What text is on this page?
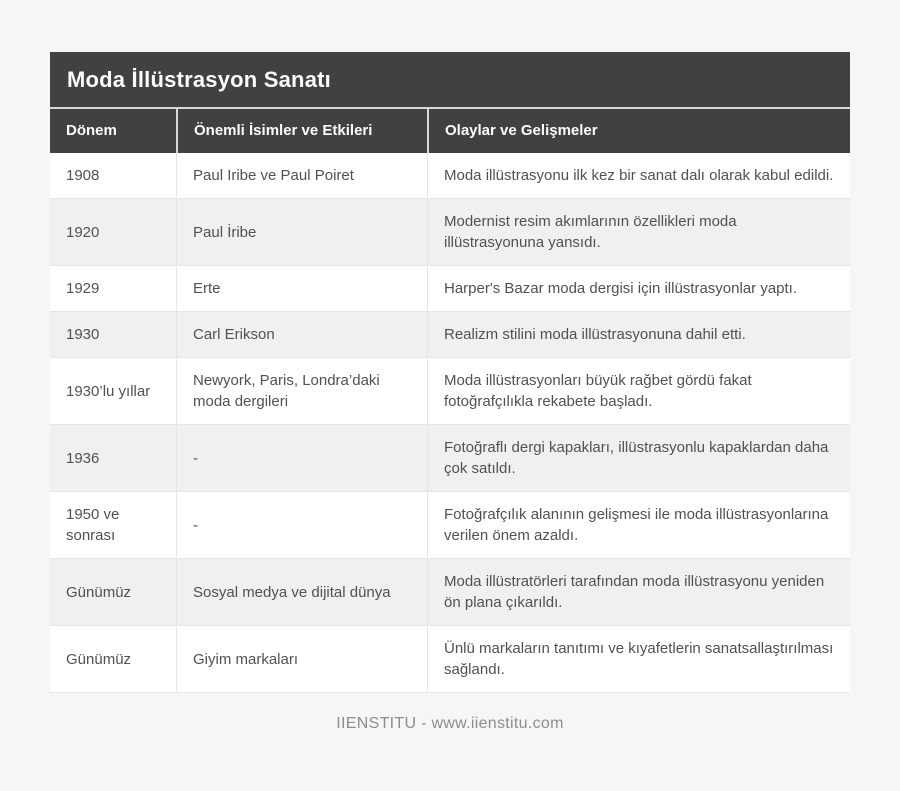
Moda İllüstrasyon Sanatı
Dönem	Önemli İsimler ve Etkileri	Olaylar ve Gelişmeler
1908	Paul Iribe ve Paul Poiret	Moda illüstrasyonu ilk kez bir sanat dalı olarak kabul edildi.
1920	Paul İribe	Modernist resim akımlarının özellikleri moda illüstrasyonuna yansıdı.
1929	Erte	Harper's Bazar moda dergisi için illüstrasyonlar yaptı.
1930	Carl Erikson	Realizm stilini moda illüstrasyonuna dahil etti.
1930’lu yıllar	Newyork, Paris, Londra’daki moda dergileri	Moda illüstrasyonları büyük rağbet gördü fakat fotoğrafçılıkla rekabete başladı.
1936	-	Fotoğraflı dergi kapakları, illüstrasyonlu kapaklardan daha çok satıldı.
1950 ve sonrası	-	Fotoğrafçılık alanının gelişmesi ile moda illüstrasyonlarına verilen önem azaldı.
Günümüz	Sosyal medya ve dijital dünya	Moda illüstratörleri tarafından moda illüstrasyonu yeniden ön plana çıkarıldı.
Günümüz	Giyim markaları	Ünlü markaların tanıtımı ve kıyafetlerin sanatsallaştırılması sağlandı.
IIENSTITU - www.iienstitu.com
